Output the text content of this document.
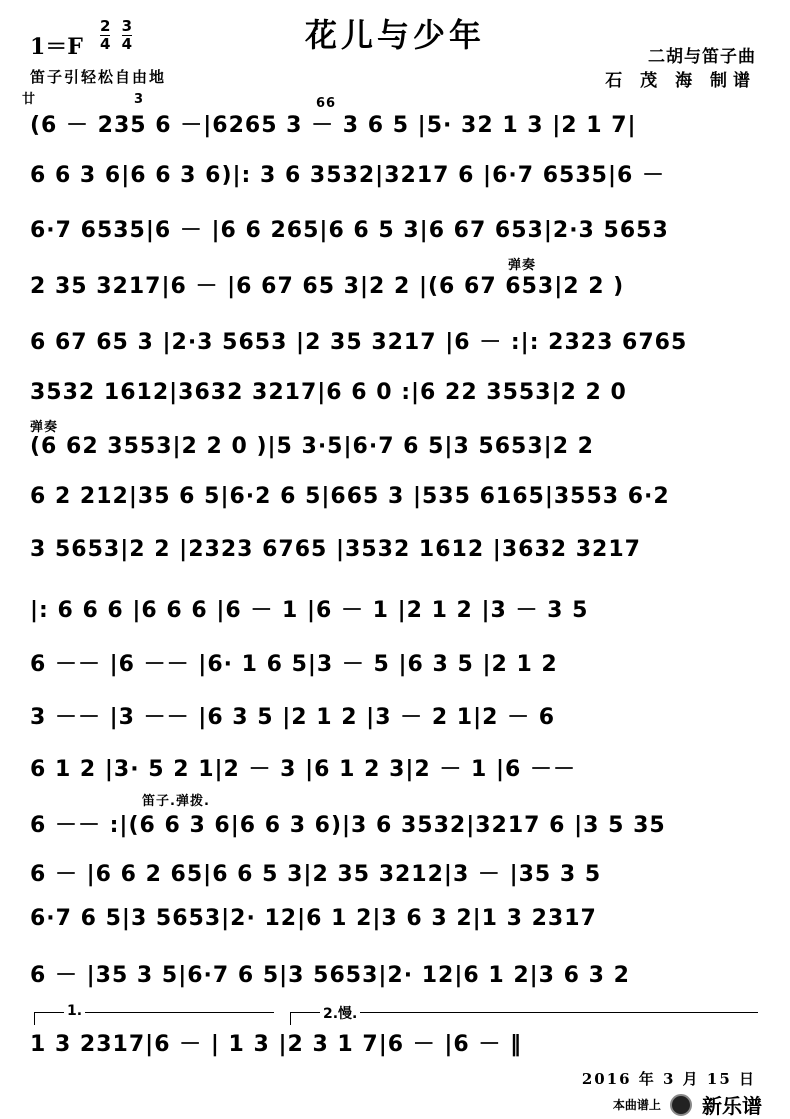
$1=F \frac{2}{4}$
$\frac{3}{4}$	花儿与少年
二胡与笛子曲
石 茂 海 制谱
笛子引轻松自由地
廿	3	66
弹奏
弹奏
笛子.弹拨.
1.	2.慢.
(6 － 235 6 －|6265 3 － 3 6 5 |5· 32 1 3 |2 1 7|
6 6 3 6|6 6 3 6)|: 3 6 3532|3217 6 |6·7 6535|6 －
6·7 6535|6 － |6 6 265|6 6 5 3|6 67 653|2·3 5653
2 35 3217|6 － |6 67 65 3|2 2 |(6 67 653|2 2 )
6 67 65 3 |2·3 5653 |2 35 3217 |6 － :|: 2323 6765
3532 1612|3632 3217|6 6 0 :|6 22 3553|2 2 0
(6 62 3553|2 2 0 )|5 3·5|6·7 6 5|3 5653|2 2
6 2 212|35 6 5|6·2 6 5|665 3 |535 6165|3553 6·2
3 5653|2 2 |2323 6765 |3532 1612 |3632 3217
|: 6 6 6 |6 6 6 |6 － 1 |6 － 1 |2 1 2 |3 － 3 5
6 －－ |6 －－ |6· 1 6 5|3 － 5 |6 3 5 |2 1 2
3 －－ |3 －－ |6 3 5 |2 1 2 |3 － 2 1|2 － 6
6 1 2 |3· 5 2 1|2 － 3 |6 1 2 3|2 － 1 |6 －－
6 －－ :|(6 6 3 6|6 6 3 6)|3 6 3532|3217 6 |3 5 35
6 － |6 6 2 65|6 6 5 3|2 35 3212|3 － |35 3 5
6·7 6 5|3 5653|2· 12|6 1 2|3 6 3 2|1 3 2317
6 － |35 3 5|6·7 6 5|3 5653|2· 12|6 1 2|3 6 3 2
1 3 2317|6 － | 1 3 |2 3 1 7|6 － |6 － ‖
2016 年 3 月 15 日
本曲谱上 新乐谱
